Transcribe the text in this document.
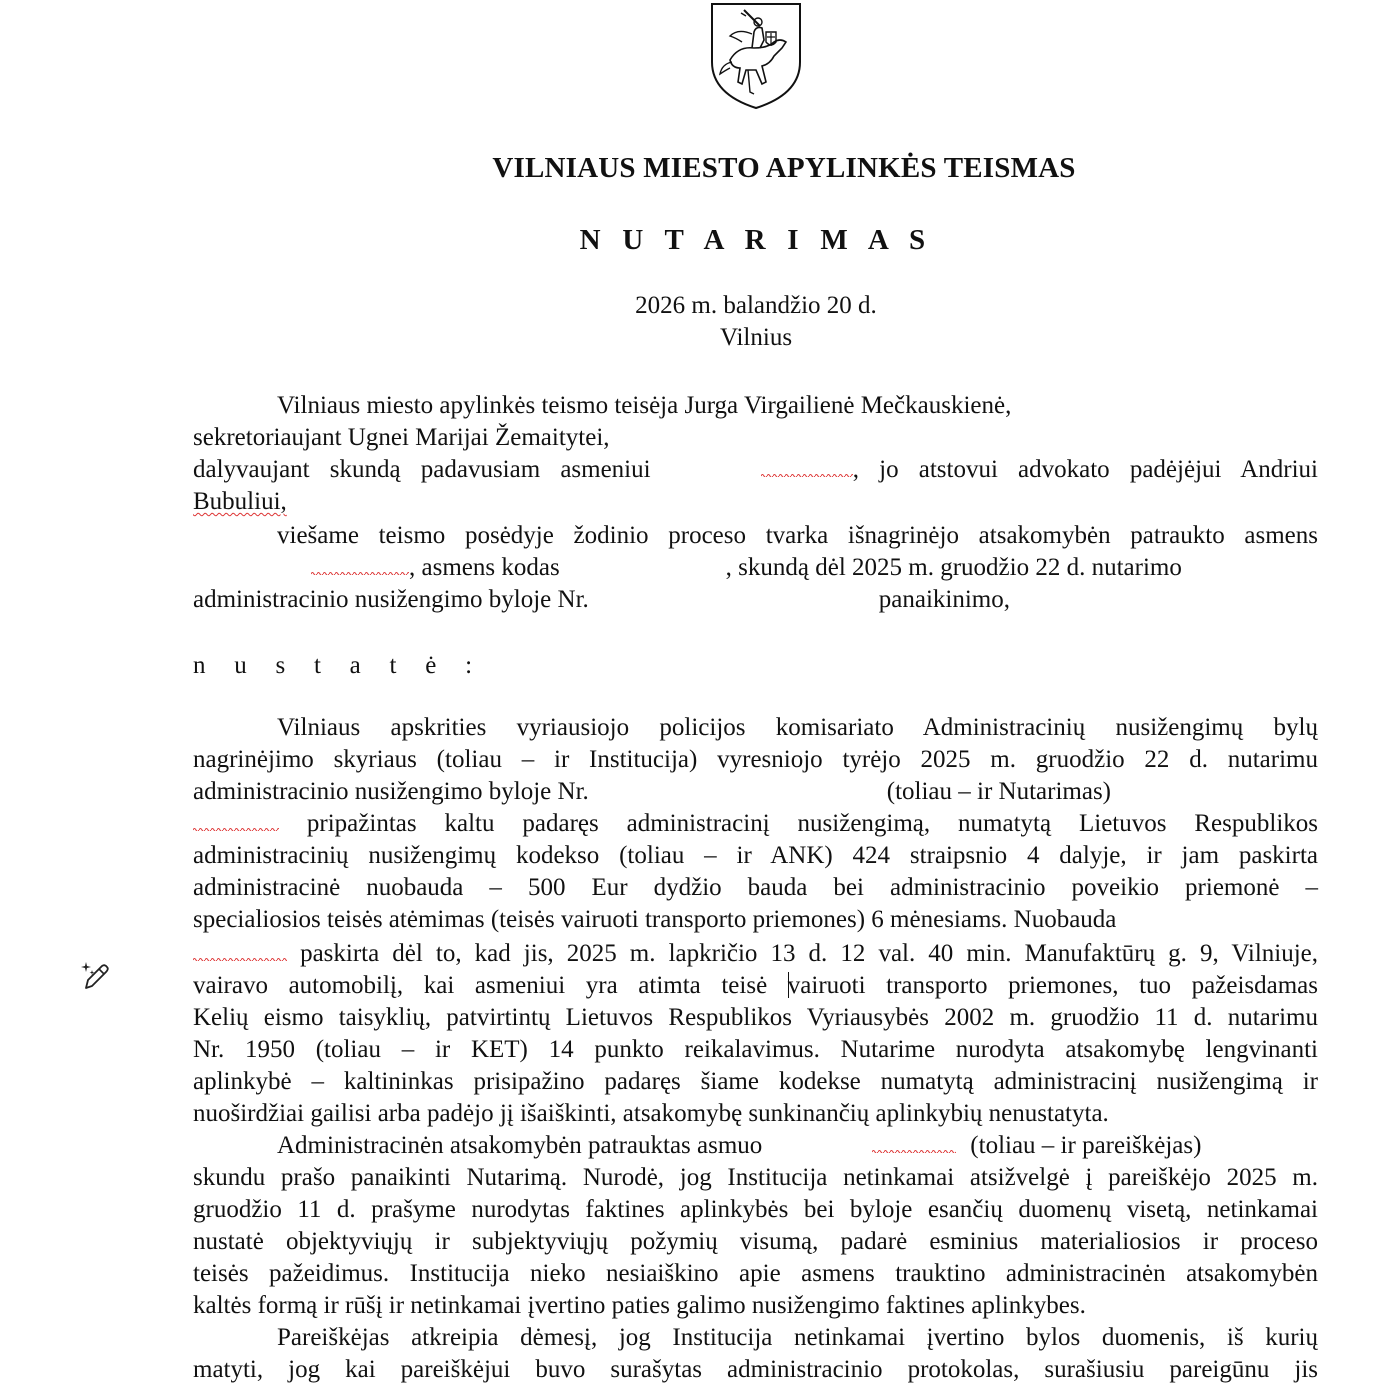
VILNIAUS MIESTO APYLINKĖS TEISMAS
N U T A R I M A S
2026 m. balandžio 20 d.
Vilnius
Vilniaus miesto apylinkės teismo teisėja Jurga Virgailienė Mečkauskienė,
sekretoriaujant Ugnei Marijai Žemaitytei,
dalyvaujant skundą padavusiam asmeniui	, jo atstovui advokato padėjėjui Andriui
Bubuliui,
viešame teismo posėdyje žodinio proceso tvarka išnagrinėjo atsakomybėn patraukto asmens
, asmens kodas	, skundą dėl 2025 m. gruodžio 22 d. nutarimo
administracinio nusižengimo byloje Nr.	panaikinimo,
n u s t a t ė :
Vilniaus apskrities vyriausiojo policijos komisariato Administracinių nusižengimų bylų
nagrinėjimo skyriaus (toliau – ir Institucija) vyresniojo tyrėjo 2025 m. gruodžio 22 d. nutarimu
administracinio nusižengimo byloje Nr.	(toliau – ir Nutarimas)
pripažintas kaltu padaręs administracinį nusižengimą, numatytą Lietuvos Respublikos
administracinių nusižengimų kodekso (toliau – ir ANK) 424 straipsnio 4 dalyje, ir jam paskirta
administracinė nuobauda – 500 Eur dydžio bauda bei administracinio poveikio priemonė –
specialiosios teisės atėmimas (teisės vairuoti transporto priemones) 6 mėnesiams. Nuobauda
paskirta dėl to, kad jis, 2025 m. lapkričio 13 d. 12 val. 40 min. Manufaktūrų g. 9, Vilniuje,
vairavo automobilį, kai asmeniui yra atimta teisė vairuoti transporto priemones, tuo pažeisdamas
Kelių eismo taisyklių, patvirtintų Lietuvos Respublikos Vyriausybės 2002 m. gruodžio 11 d. nutarimu
Nr. 1950 (toliau – ir KET) 14 punkto reikalavimus. Nutarime nurodyta atsakomybę lengvinanti
aplinkybė – kaltininkas prisipažino padaręs šiame kodekse numatytą administracinį nusižengimą ir
nuoširdžiai gailisi arba padėjo jį išaiškinti, atsakomybę sunkinančių aplinkybių nenustatyta.
Administracinėn atsakomybėn patrauktas asmuo	(toliau – ir pareiškėjas)
skundu prašo panaikinti Nutarimą. Nurodė, jog Institucija netinkamai atsižvelgė į pareiškėjo 2025 m.
gruodžio 11 d. prašyme nurodytas faktines aplinkybės bei byloje esančių duomenų visetą, netinkamai
nustatė objektyviųjų ir subjektyviųjų požymių visumą, padarė esminius materialiosios ir proceso
teisės pažeidimus. Institucija nieko nesiaiškino apie asmens trauktino administracinėn atsakomybėn
kaltės formą ir rūšį ir netinkamai įvertino paties galimo nusižengimo faktines aplinkybes.
Pareiškėjas atkreipia dėmesį, jog Institucija netinkamai įvertino bylos duomenis, iš kurių
matyti, jog kai pareiškėjui buvo surašytas administracinio protokolas, surašiusiu pareigūnu jis
